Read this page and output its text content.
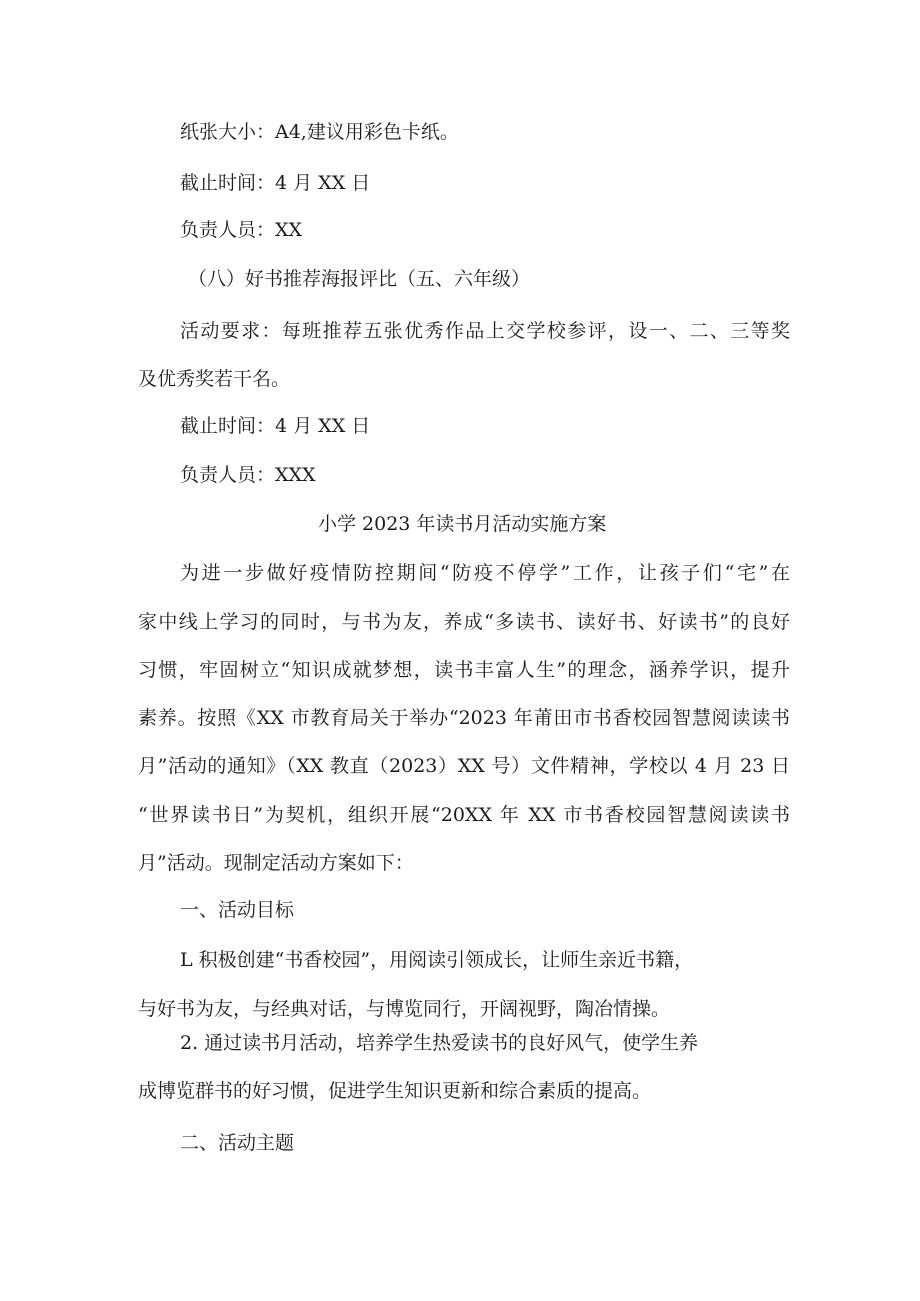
纸张大小：A4,建议用彩色卡纸。
截止时间：4 月 XX 日
负责人员：XX
（八）好书推荐海报评比（五、六年级）
活动要求：每班推荐五张优秀作品上交学校参评，设一、二、三等奖
及优秀奖若干名。
截止时间：4 月 XX 日
负责人员：XXX
小学 2023 年读书月活动实施方案
为进一步做好疫情防控期间“防疫不停学”工作，让孩子们“宅”在
家中线上学习的同时，与书为友，养成“多读书、读好书、好读书”的良好
习惯，牢固树立“知识成就梦想，读书丰富人生”的理念，涵养学识，提升
素养。按照《XX 市教育局关于举办“2023 年莆田市书香校园智慧阅读读书
月”活动的通知》（XX 教直（2023）XX 号）文件精神，学校以 4 月 23 日
“世界读书日”为契机，组织开展“20XX 年 XX 市书香校园智慧阅读读书
月”活动。现制定活动方案如下：
一、活动目标
L 积极创建“书香校园”，用阅读引领成长，让师生亲近书籍，
与好书为友，与经典对话，与博览同行，开阔视野，陶冶情操。
2. 通过读书月活动，培养学生热爱读书的良好风气，使学生养
成博览群书的好习惯，促进学生知识更新和综合素质的提高。
二、活动主题
